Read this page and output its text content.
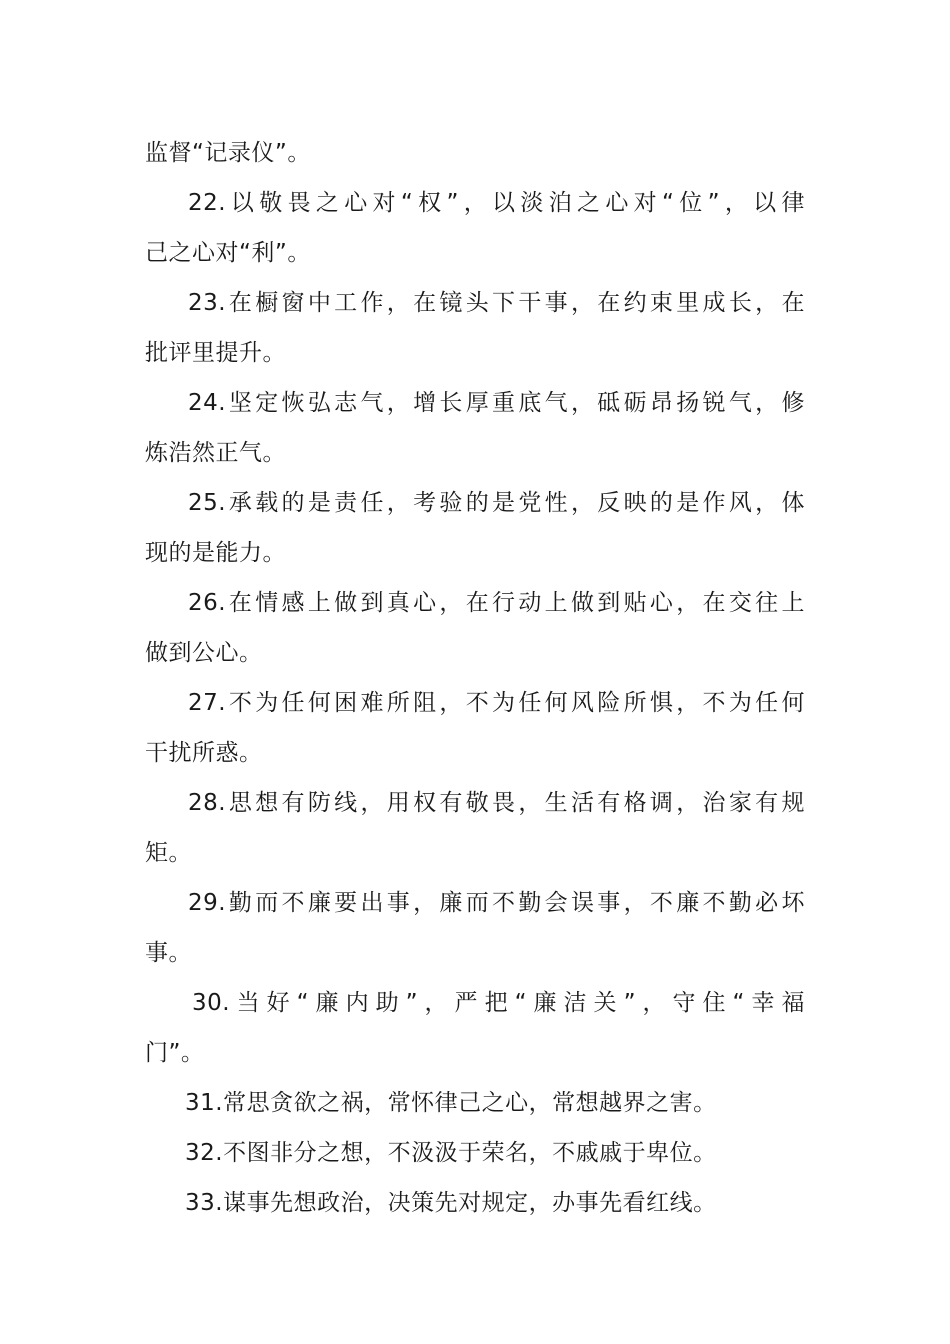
监督“记录仪”。
22.以敬畏之心对“权”，以淡泊之心对“位”，以律
己之心对“利”。
23.在橱窗中工作，在镜头下干事，在约束里成长，在
批评里提升。
24.坚定恢弘志气，增长厚重底气，砥砺昂扬锐气，修
炼浩然正气。
25.承载的是责任，考验的是党性，反映的是作风，体
现的是能力。
26.在情感上做到真心，在行动上做到贴心，在交往上
做到公心。
27.不为任何困难所阻，不为任何风险所惧，不为任何
干扰所惑。
28.思想有防线，用权有敬畏，生活有格调，治家有规
矩。
29.勤而不廉要出事，廉而不勤会误事，不廉不勤必坏
事。
30.当好“廉内助”，严把“廉洁关”，守住“幸福
门”。
31.常思贪欲之祸，常怀律己之心，常想越界之害。
32.不图非分之想，不汲汲于荣名，不戚戚于卑位。
33.谋事先想政治，决策先对规定，办事先看红线。
